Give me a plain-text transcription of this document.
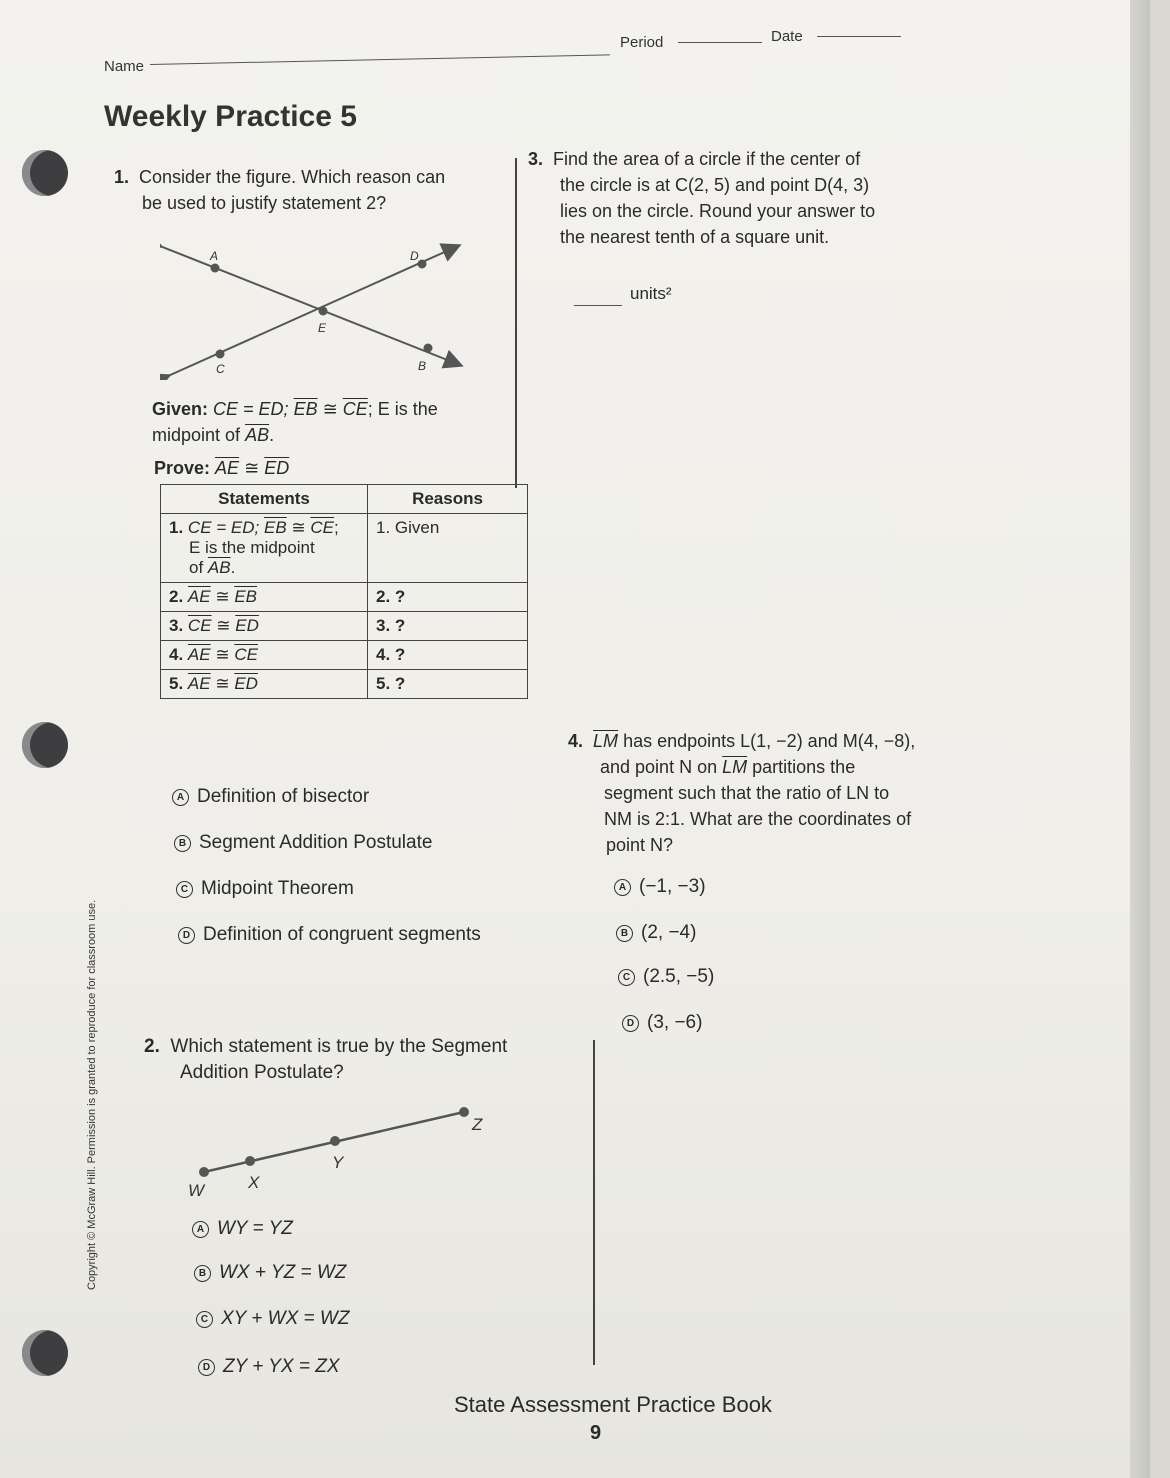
Name
Period	Date
Weekly Practice 5
1. Consider the figure. Which reason can
be used to justify statement 2?
A	D
E
C	B
Given: CE = ED; $\overline{EB}$ ≅ $\overline{CE}$; E is the
midpoint of $\overline{AB}$.
Prove: $\overline{AE}$ ≅ $\overline{ED}$
Statements	Reasons
1. CE = ED; $\overline{EB}$ ≅ $\overline{CE}$;
E is the midpoint
of $\overline{AB}$.	1. Given
2. $\overline{AE}$ ≅ $\overline{EB}$	2. ?
3. $\overline{CE}$ ≅ $\overline{ED}$	3. ?
4. $\overline{AE}$ ≅ $\overline{CE}$	4. ?
5. $\overline{AE}$ ≅ $\overline{ED}$	5. ?
A Definition of bisector
B Segment Addition Postulate
C Midpoint Theorem
D Definition of congruent segments
3. Find the area of a circle if the center of
the circle is at C(2, 5) and point D(4, 3)
lies on the circle. Round your answer to
the nearest tenth of a square unit.
units²
4. $\overline{LM}$ has endpoints L(1, −2) and M(4, −8),
and point N on $\overline{LM}$ partitions the
segment such that the ratio of LN to
NM is 2:1. What are the coordinates of
point N?
A (−1, −3)
B (2, −4)
C (2.5, −5)
D (3, −6)
2. Which statement is true by the Segment
Addition Postulate?
W	X
Y
Z
A WY = YZ
B WX + YZ = WZ
C XY + WX = WZ
D ZY + YX = ZX
Copyright © McGraw Hill. Permission is granted to reproduce for classroom use.
State Assessment Practice Book
9
